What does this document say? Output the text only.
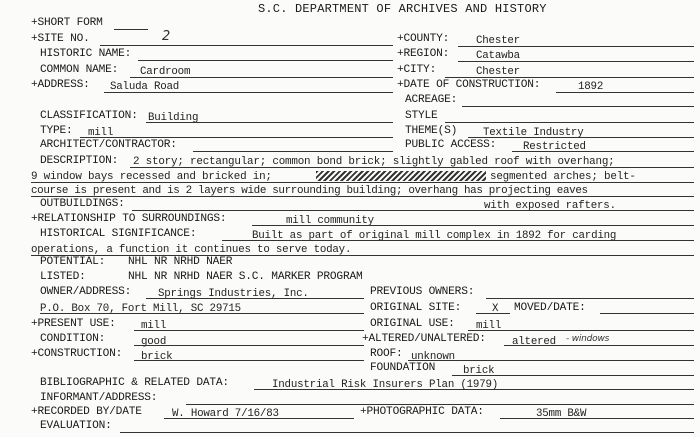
S.C. DEPARTMENT OF ARCHIVES AND HISTORY
+SHORT FORM
+SITE NO.	2	+COUNTY: Chester
HISTORIC NAME:	+REGION: Catawba
COMMON NAME: Cardroom	+CITY:	Chester
+ADDRESS: Saluda Road	+DATE OF CONSTRUCTION:	1892
ACREAGE:
CLASSIFICATION: Building	STYLE
TYPE: mill	THEME(S) Textile Industry
ARCHITECT/CONTRACTOR:	PUBLIC ACCESS: Restricted
DESCRIPTION: 2 story; rectangular; common bond brick; slightly gabled roof with overhang;
9 window bays recessed and bricked in;	segmented arches; belt-
course is present and is 2 layers wide surrounding building; overhang has projecting eaves
OUTBUILDINGS:	with exposed rafters.
+RELATIONSHIP TO SURROUNDINGS:	mill community
HISTORICAL SIGNIFICANCE:	Built as part of original mill complex in 1892 for carding
operations, a function it continues to serve today.
POTENTIAL: NHL NR NRHD NAER
LISTED:	NHL NR NRHD NAER S.C. MARKER PROGRAM
OWNER/ADDRESS: Springs Industries, Inc.	PREVIOUS OWNERS:
P.O. Box 70, Fort Mill, SC 29715	ORIGINAL SITE:	X MOVED/DATE:
+PRESENT USE: mill	ORIGINAL USE: mill
CONDITION:	good	+ALTERED/UNALTERED: altered - windows
+CONSTRUCTION: brick	ROOF: unknown
FOUNDATION	brick
BIBLIOGRAPHIC & RELATED DATA:	Industrial Risk Insurers Plan (1979)
INFORMANT/ADDRESS:
+RECORDED BY/DATE	W. Howard 7/16/83	+PHOTOGRAPHIC DATA:	35mm B&W
EVALUATION:
